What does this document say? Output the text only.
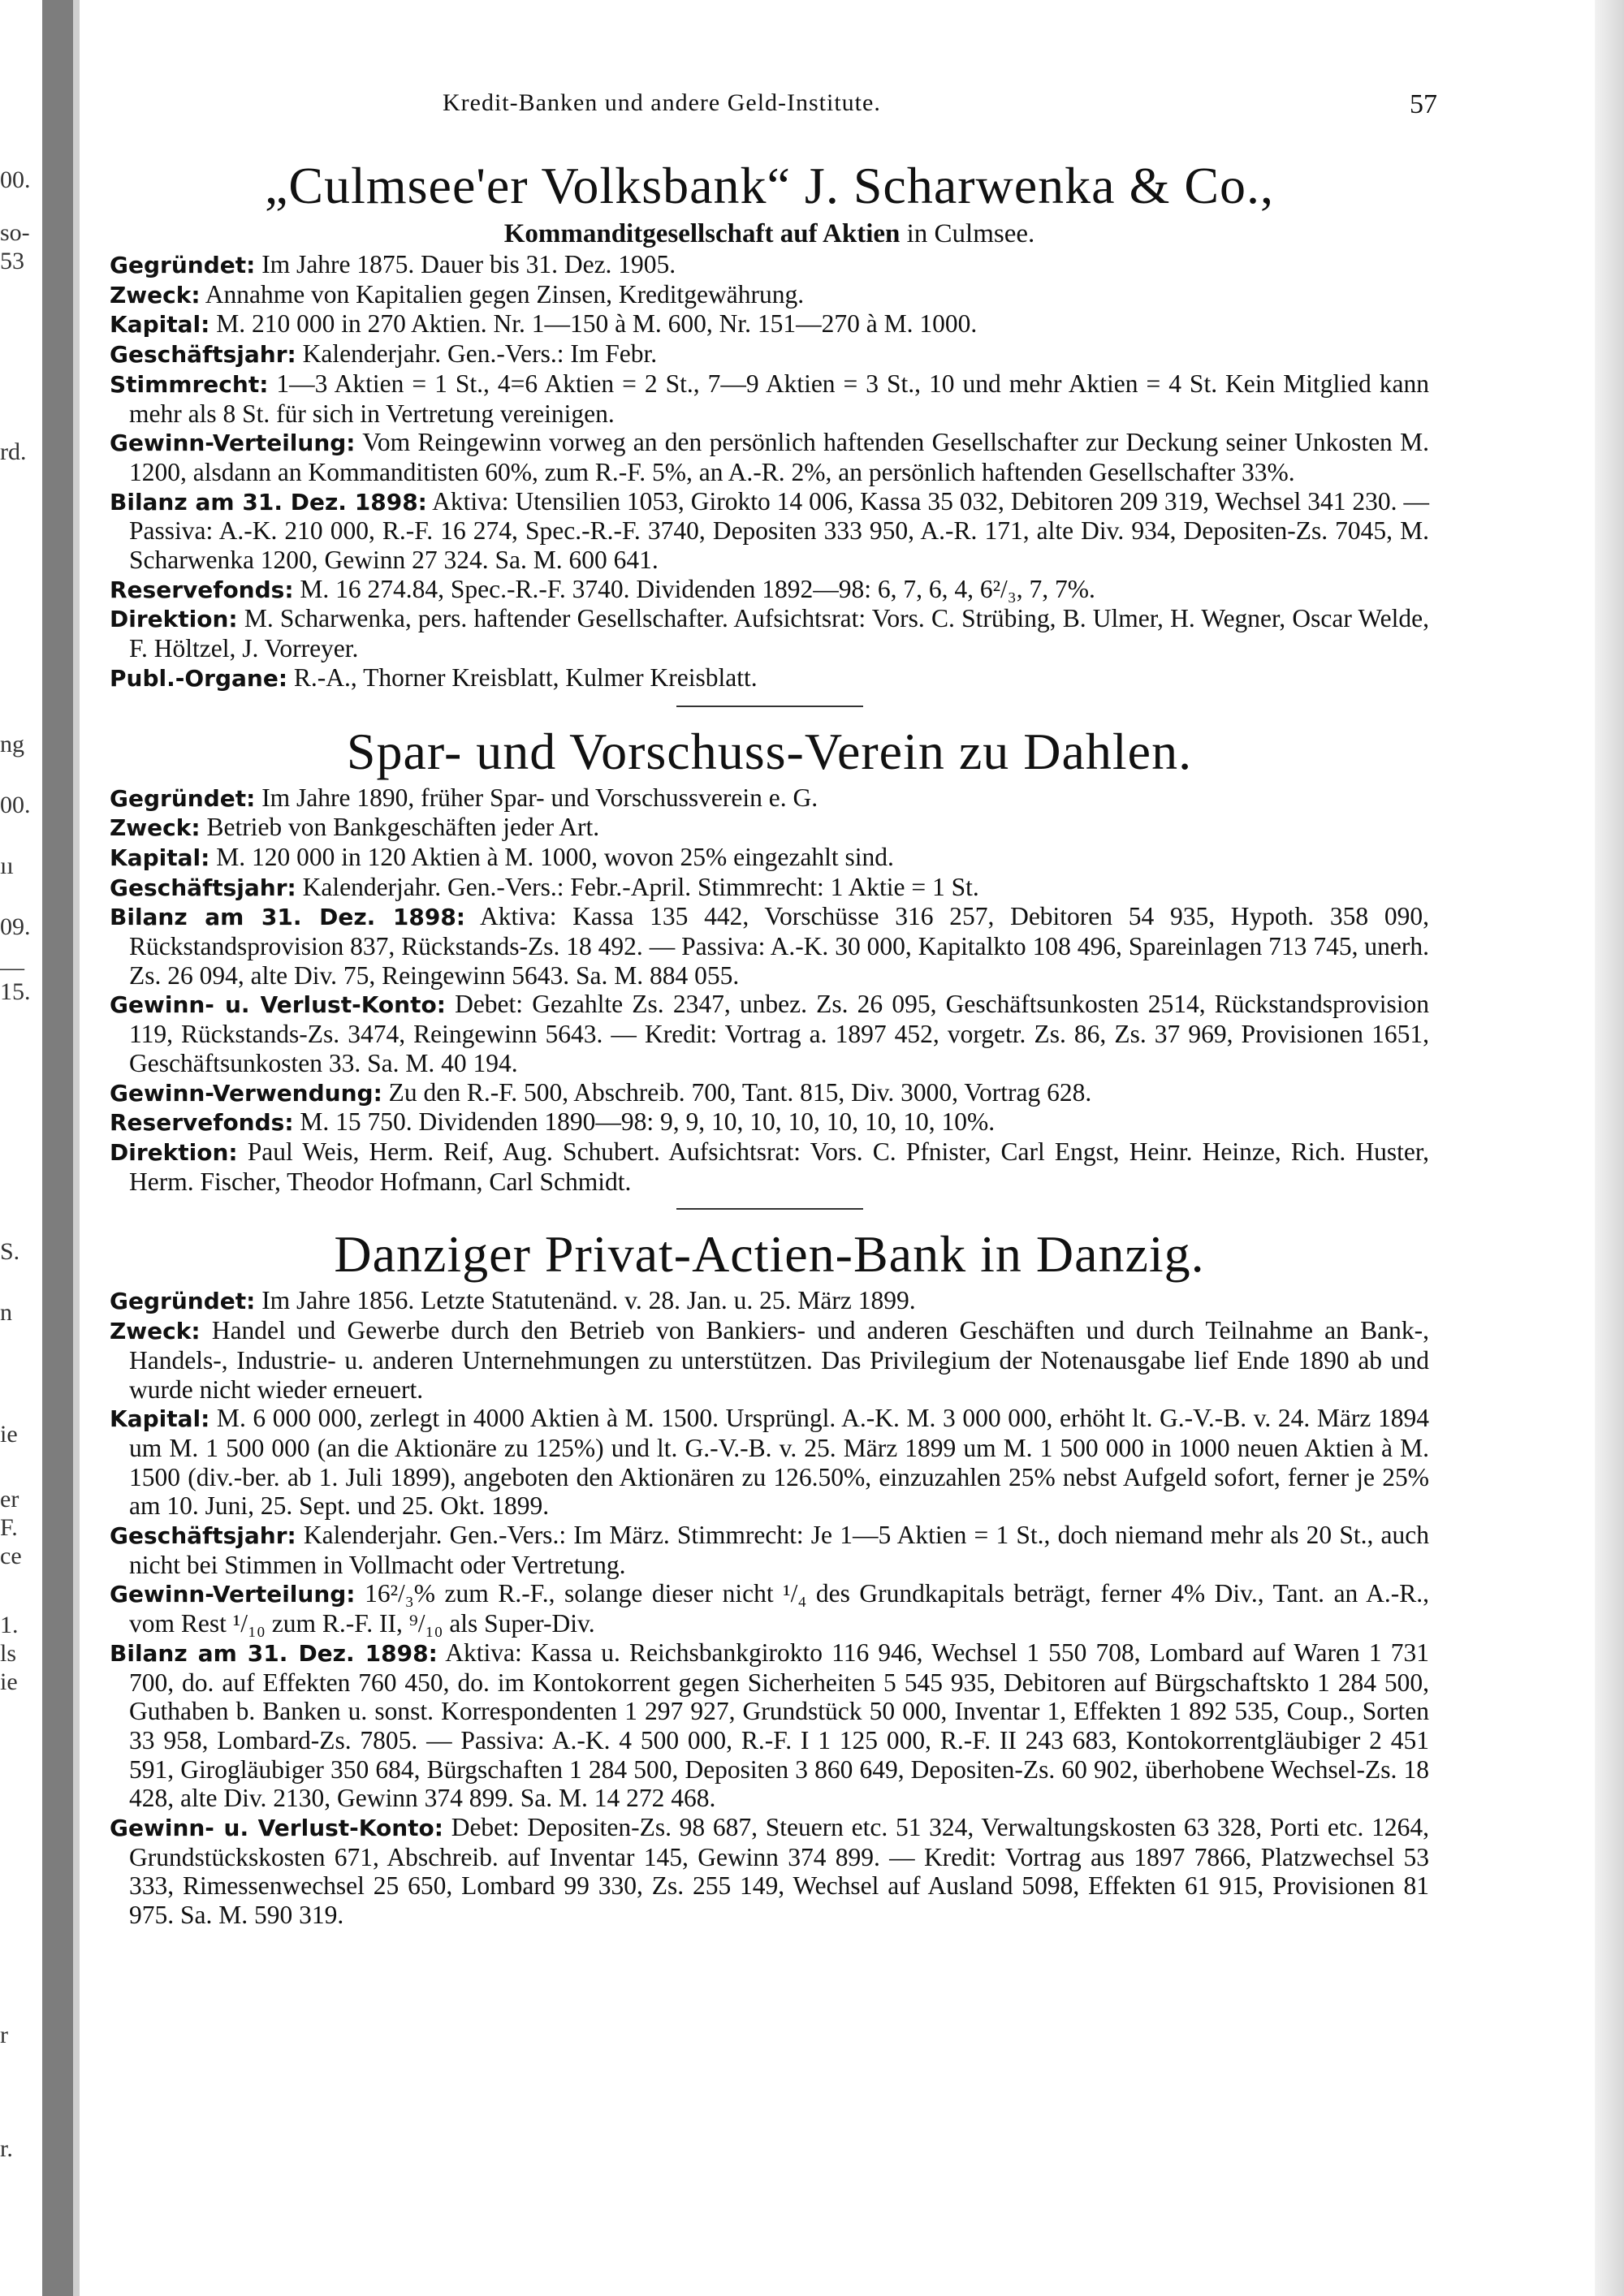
00.
so-
53
rd.
ng
00.
ıı
09.
—
15.
S.
n
ie
er
F.
ce
1.
ls
ie
r
r.
Kredit-Banken und andere Geld-Institute.	57
„Culmsee'er Volksbank“ J. Scharwenka & Co.,
Kommanditgesellschaft auf Aktien in Culmsee.
Gegründet: Im Jahre 1875. Dauer bis 31. Dez. 1905.
Zweck: Annahme von Kapitalien gegen Zinsen, Kreditgewährung.
Kapital: M. 210 000 in 270 Aktien. Nr. 1—150 à M. 600, Nr. 151—270 à M. 1000.
Geschäftsjahr: Kalenderjahr. Gen.-Vers.: Im Febr.
Stimmrecht: 1—3 Aktien = 1 St., 4=6 Aktien = 2 St., 7—9 Aktien = 3 St., 10 und mehr Aktien = 4 St. Kein Mitglied kann mehr als 8 St. für sich in Vertretung vereinigen.
Gewinn-Verteilung: Vom Reingewinn vorweg an den persönlich haftenden Gesellschafter zur Deckung seiner Unkosten M. 1200, alsdann an Kommanditisten 60%, zum R.-F. 5%, an A.-R. 2%, an persönlich haftenden Gesellschafter 33%.
Bilanz am 31. Dez. 1898: Aktiva: Utensilien 1053, Girokto 14 006, Kassa 35 032, Debitoren 209 319, Wechsel 341 230. — Passiva: A.-K. 210 000, R.-F. 16 274, Spec.-R.-F. 3740, Depositen 333 950, A.-R. 171, alte Div. 934, Depositen-Zs. 7045, M. Scharwenka 1200, Gewinn 27 324. Sa. M. 600 641.
Reservefonds: M. 16 274.84, Spec.-R.-F. 3740. Dividenden 1892—98: 6, 7, 6, 4, 6²/₃, 7, 7%.
Direktion: M. Scharwenka, pers. haftender Gesellschafter. Aufsichtsrat: Vors. C. Strübing, B. Ulmer, H. Wegner, Oscar Welde, F. Höltzel, J. Vorreyer.
Publ.-Organe: R.-A., Thorner Kreisblatt, Kulmer Kreisblatt.
Spar- und Vorschuss-Verein zu Dahlen.
Gegründet: Im Jahre 1890, früher Spar- und Vorschussverein e. G.
Zweck: Betrieb von Bankgeschäften jeder Art.
Kapital: M. 120 000 in 120 Aktien à M. 1000, wovon 25% eingezahlt sind.
Geschäftsjahr: Kalenderjahr. Gen.-Vers.: Febr.-April. Stimmrecht: 1 Aktie = 1 St.
Bilanz am 31. Dez. 1898: Aktiva: Kassa 135 442, Vorschüsse 316 257, Debitoren 54 935, Hypoth. 358 090, Rückstandsprovision 837, Rückstands-Zs. 18 492. — Passiva: A.-K. 30 000, Kapitalkto 108 496, Spareinlagen 713 745, unerh. Zs. 26 094, alte Div. 75, Reingewinn 5643. Sa. M. 884 055.
Gewinn- u. Verlust-Konto: Debet: Gezahlte Zs. 2347, unbez. Zs. 26 095, Geschäftsunkosten 2514, Rückstandsprovision 119, Rückstands-Zs. 3474, Reingewinn 5643. — Kredit: Vortrag a. 1897 452, vorgetr. Zs. 86, Zs. 37 969, Provisionen 1651, Geschäftsunkosten 33. Sa. M. 40 194.
Gewinn-Verwendung: Zu den R.-F. 500, Abschreib. 700, Tant. 815, Div. 3000, Vortrag 628.
Reservefonds: M. 15 750. Dividenden 1890—98: 9, 9, 10, 10, 10, 10, 10, 10, 10%.
Direktion: Paul Weis, Herm. Reif, Aug. Schubert. Aufsichtsrat: Vors. C. Pfnister, Carl Engst, Heinr. Heinze, Rich. Huster, Herm. Fischer, Theodor Hofmann, Carl Schmidt.
Danziger Privat-Actien-Bank in Danzig.
Gegründet: Im Jahre 1856. Letzte Statutenänd. v. 28. Jan. u. 25. März 1899.
Zweck: Handel und Gewerbe durch den Betrieb von Bankiers- und anderen Geschäften und durch Teilnahme an Bank-, Handels-, Industrie- u. anderen Unternehmungen zu unterstützen. Das Privilegium der Notenausgabe lief Ende 1890 ab und wurde nicht wieder erneuert.
Kapital: M. 6 000 000, zerlegt in 4000 Aktien à M. 1500. Ursprüngl. A.-K. M. 3 000 000, erhöht lt. G.-V.-B. v. 24. März 1894 um M. 1 500 000 (an die Aktionäre zu 125%) und lt. G.-V.-B. v. 25. März 1899 um M. 1 500 000 in 1000 neuen Aktien à M. 1500 (div.-ber. ab 1. Juli 1899), angeboten den Aktionären zu 126.50%, einzuzahlen 25% nebst Aufgeld sofort, ferner je 25% am 10. Juni, 25. Sept. und 25. Okt. 1899.
Geschäftsjahr: Kalenderjahr. Gen.-Vers.: Im März. Stimmrecht: Je 1—5 Aktien = 1 St., doch niemand mehr als 20 St., auch nicht bei Stimmen in Vollmacht oder Vertretung.
Gewinn-Verteilung: 16²/₃% zum R.-F., solange dieser nicht ¹/₄ des Grundkapitals beträgt, ferner 4% Div., Tant. an A.-R., vom Rest ¹/₁₀ zum R.-F. II, ⁹/₁₀ als Super-Div.
Bilanz am 31. Dez. 1898: Aktiva: Kassa u. Reichsbankgirokto 116 946, Wechsel 1 550 708, Lombard auf Waren 1 731 700, do. auf Effekten 760 450, do. im Kontokorrent gegen Sicherheiten 5 545 935, Debitoren auf Bürgschaftskto 1 284 500, Guthaben b. Banken u. sonst. Korrespondenten 1 297 927, Grundstück 50 000, Inventar 1, Effekten 1 892 535, Coup., Sorten 33 958, Lombard-Zs. 7805. — Passiva: A.-K. 4 500 000, R.-F. I 1 125 000, R.-F. II 243 683, Kontokorrentgläubiger 2 451 591, Girogläubiger 350 684, Bürgschaften 1 284 500, Depositen 3 860 649, Depositen-Zs. 60 902, überhobene Wechsel-Zs. 18 428, alte Div. 2130, Gewinn 374 899. Sa. M. 14 272 468.
Gewinn- u. Verlust-Konto: Debet: Depositen-Zs. 98 687, Steuern etc. 51 324, Verwaltungskosten 63 328, Porti etc. 1264, Grundstückskosten 671, Abschreib. auf Inventar 145, Gewinn 374 899. — Kredit: Vortrag aus 1897 7866, Platzwechsel 53 333, Rimessenwechsel 25 650, Lombard 99 330, Zs. 255 149, Wechsel auf Ausland 5098, Effekten 61 915, Provisionen 81 975. Sa. M. 590 319.
